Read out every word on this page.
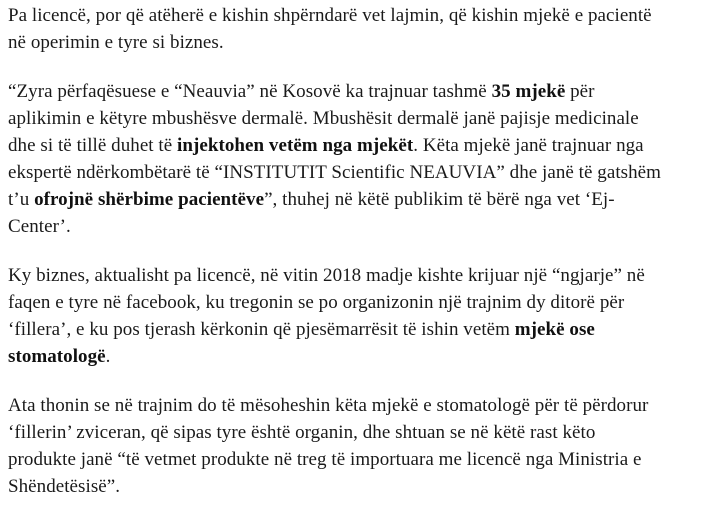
Pa licencë, por që atëherë e kishin shpërndarë vet lajmin, që kishin mjekë e pacientë
në operimin e tyre si biznes.

“Zyra përfaqësuese e “Neauvia” në Kosovë ka trajnuar tashmë 35 mjekë për
aplikimin e këtyre mbushësve dermalë. Mbushësit dermalë janë pajisje medicinale
dhe si të tillë duhet të injektohen vetëm nga mjekët. Këta mjekë janë trajnuar nga
ekspertë ndërkombëtarë të “INSTITUTIT Scientific NEAUVIA” dhe janë të gatshëm
t’u ofrojnë shërbime pacientëve”, thuhej në këtë publikim të bërë nga vet ‘Ej-
Center’.

Ky biznes, aktualisht pa licencë, në vitin 2018 madje kishte krijuar një “ngjarje” në
faqen e tyre në facebook, ku tregonin se po organizonin një trajnim dy ditorë për
‘fillera’, e ku pos tjerash kërkonin që pjesëmarrësit të ishin vetëm mjekë ose
stomatologë.

Ata thonin se në trajnim do të mësoheshin këta mjekë e stomatologë për të përdorur
‘fillerin’ zviceran, që sipas tyre është organin, dhe shtuan se në këtë rast këto
produkte janë “të vetmet produkte në treg të importuara me licencë nga Ministria e
Shëndetësisë”.
